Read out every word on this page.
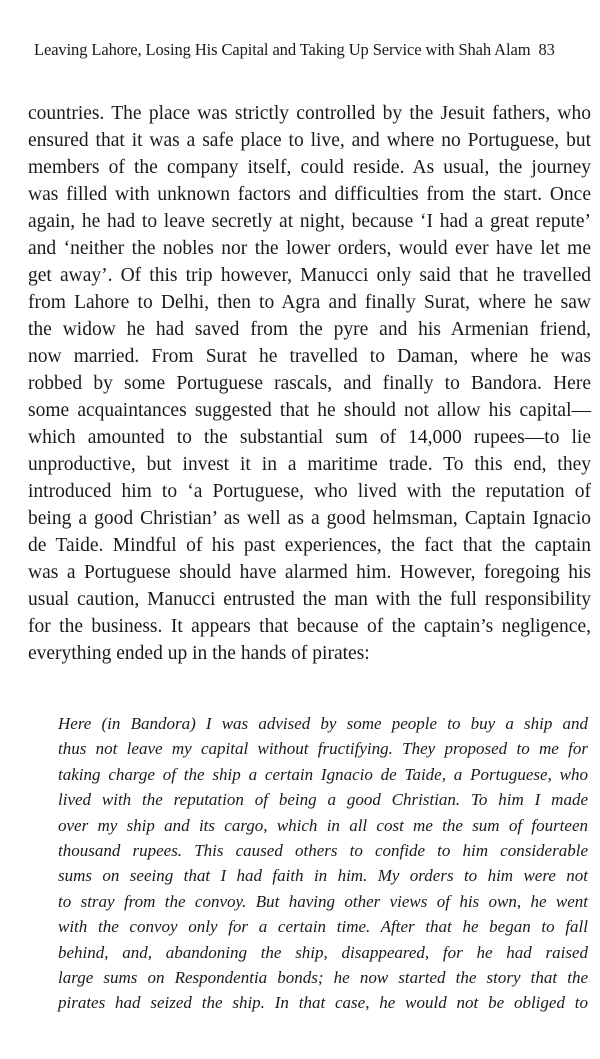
Leaving Lahore, Losing His Capital and Taking Up Service with Shah Alam 83
countries. The place was strictly controlled by the Jesuit fathers, who
ensured that it was a safe place to live, and where no Portuguese, but
members of the company itself, could reside. As usual, the journey
was filled with unknown factors and difficulties from the start. Once
again, he had to leave secretly at night, because ‘I had a great repute’
and ‘neither the nobles nor the lower orders, would ever have let me
get away’. Of this trip however, Manucci only said that he travelled
from Lahore to Delhi, then to Agra and finally Surat, where he saw
the widow he had saved from the pyre and his Armenian friend,
now married. From Surat he travelled to Daman, where he was
robbed by some Portuguese rascals, and finally to Bandora. Here
some acquaintances suggested that he should not allow his capital—
which amounted to the substantial sum of 14,000 rupees—to lie
unproductive, but invest it in a maritime trade. To this end, they
introduced him to ‘a Portuguese, who lived with the reputation of
being a good Christian’ as well as a good helmsman, Captain Ignacio
de Taide. Mindful of his past experiences, the fact that the captain
was a Portuguese should have alarmed him. However, foregoing his
usual caution, Manucci entrusted the man with the full responsibility
for the business. It appears that because of the captain’s negligence,
everything ended up in the hands of pirates:
Here (in Bandora) I was advised by some people to buy a ship and
thus not leave my capital without fructifying. They proposed to me for
taking charge of the ship a certain Ignacio de Taide, a Portuguese, who
lived with the reputation of being a good Christian. To him I made
over my ship and its cargo, which in all cost me the sum of fourteen
thousand rupees. This caused others to confide to him considerable
sums on seeing that I had faith in him. My orders to him were not
to stray from the convoy. But having other views of his own, he went
with the convoy only for a certain time. After that he began to fall
behind, and, abandoning the ship, disappeared, for he had raised
large sums on Respondentia bonds; he now started the story that the
pirates had seized the ship. In that case, he would not be obliged to
